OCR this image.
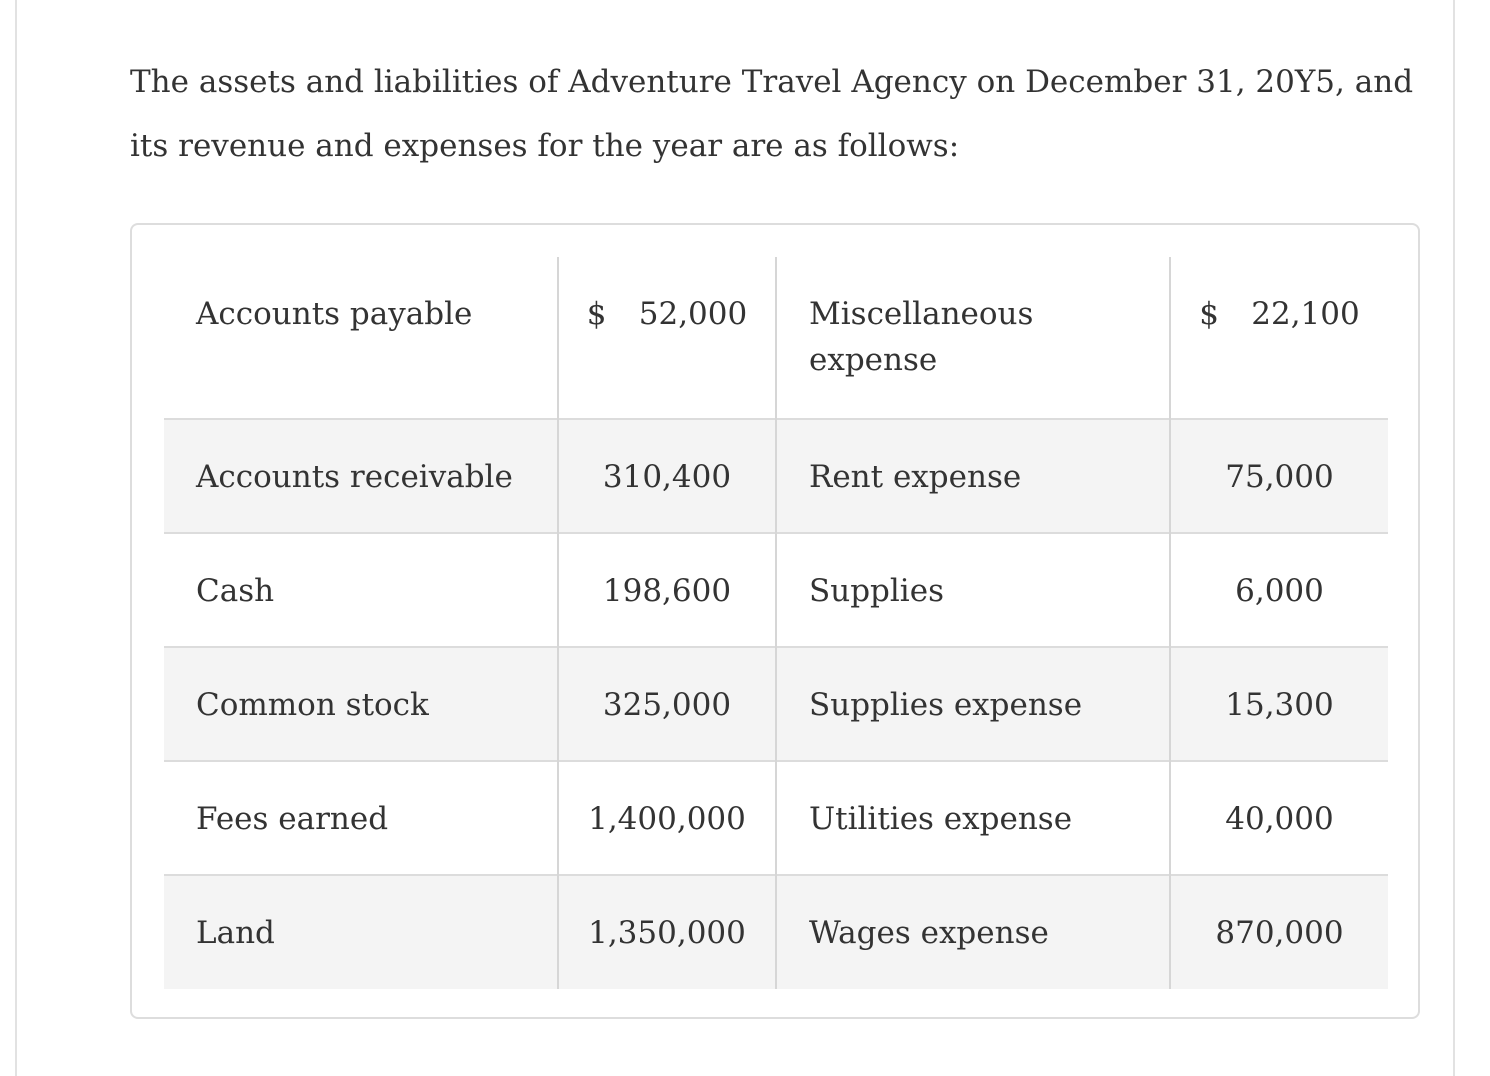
The assets and liabilities of Adventure Travel Agency on December 31, 20Y5, and its revenue and expenses for the year are as follows:

Accounts payable	$ 52,000	Miscellaneous expense	$ 22,100
Accounts receivable	310,400	Rent expense	75,000
Cash	198,600	Supplies	6,000
Common stock	325,000	Supplies expense	15,300
Fees earned	1,400,000	Utilities expense	40,000
Land	1,350,000	Wages expense	870,000
